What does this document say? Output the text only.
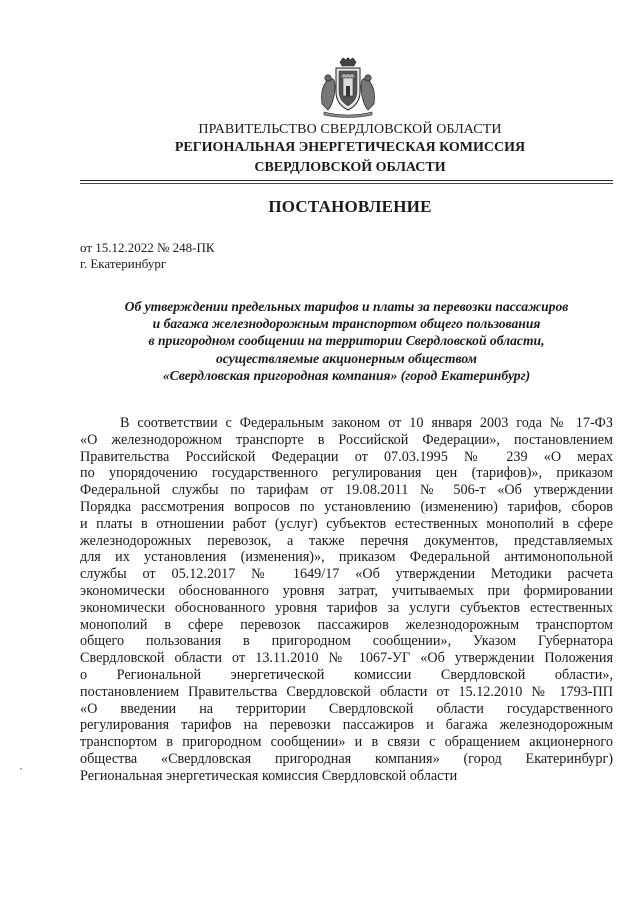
ПРАВИТЕЛЬСТВО СВЕРДЛОВСКОЙ ОБЛАСТИ
РЕГИОНАЛЬНАЯ ЭНЕРГЕТИЧЕСКАЯ КОМИССИЯ
СВЕРДЛОВСКОЙ ОБЛАСТИ
ПОСТАНОВЛЕНИЕ
от 15.12.2022 № 248-ПК
г. Екатеринбург
Об утверждении предельных тарифов и платы за перевозки пассажиров
и багажа железнодорожным транспортом общего пользования
в пригородном сообщении на территории Свердловской области,
осуществляемые акционерным обществом
«Свердловская пригородная компания» (город Екатеринбург)
В соответствии с Федеральным законом от 10 января 2003 года № 17-ФЗ
«О железнодорожном транспорте в Российской Федерации», постановлением
Правительства Российской Федерации от 07.03.1995 № 239 «О мерах
по упорядочению государственного регулирования цен (тарифов)», приказом
Федеральной службы по тарифам от 19.08.2011 № 506-т «Об утверждении
Порядка рассмотрения вопросов по установлению (изменению) тарифов, сборов
и платы в отношении работ (услуг) субъектов естественных монополий в сфере
железнодорожных перевозок, а также перечня документов, представляемых
для их установления (изменения)», приказом Федеральной антимонопольной
службы от 05.12.2017 № 1649/17 «Об утверждении Методики расчета
экономически обоснованного уровня затрат, учитываемых при формировании
экономически обоснованного уровня тарифов за услуги субъектов естественных
монополий в сфере перевозок пассажиров железнодорожным транспортом
общего пользования в пригородном сообщении», Указом Губернатора
Свердловской области от 13.11.2010 № 1067-УГ «Об утверждении Положения
о Региональной энергетической комиссии Свердловской области»,
постановлением Правительства Свердловской области от 15.12.2010 № 1793-ПП
«О введении на территории Свердловской области государственного
регулирования тарифов на перевозки пассажиров и багажа железнодорожным
транспортом в пригородном сообщении» и в связи с обращением акционерного
общества «Свердловская пригородная компания» (город Екатеринбург)
Региональная энергетическая комиссия Свердловской области
